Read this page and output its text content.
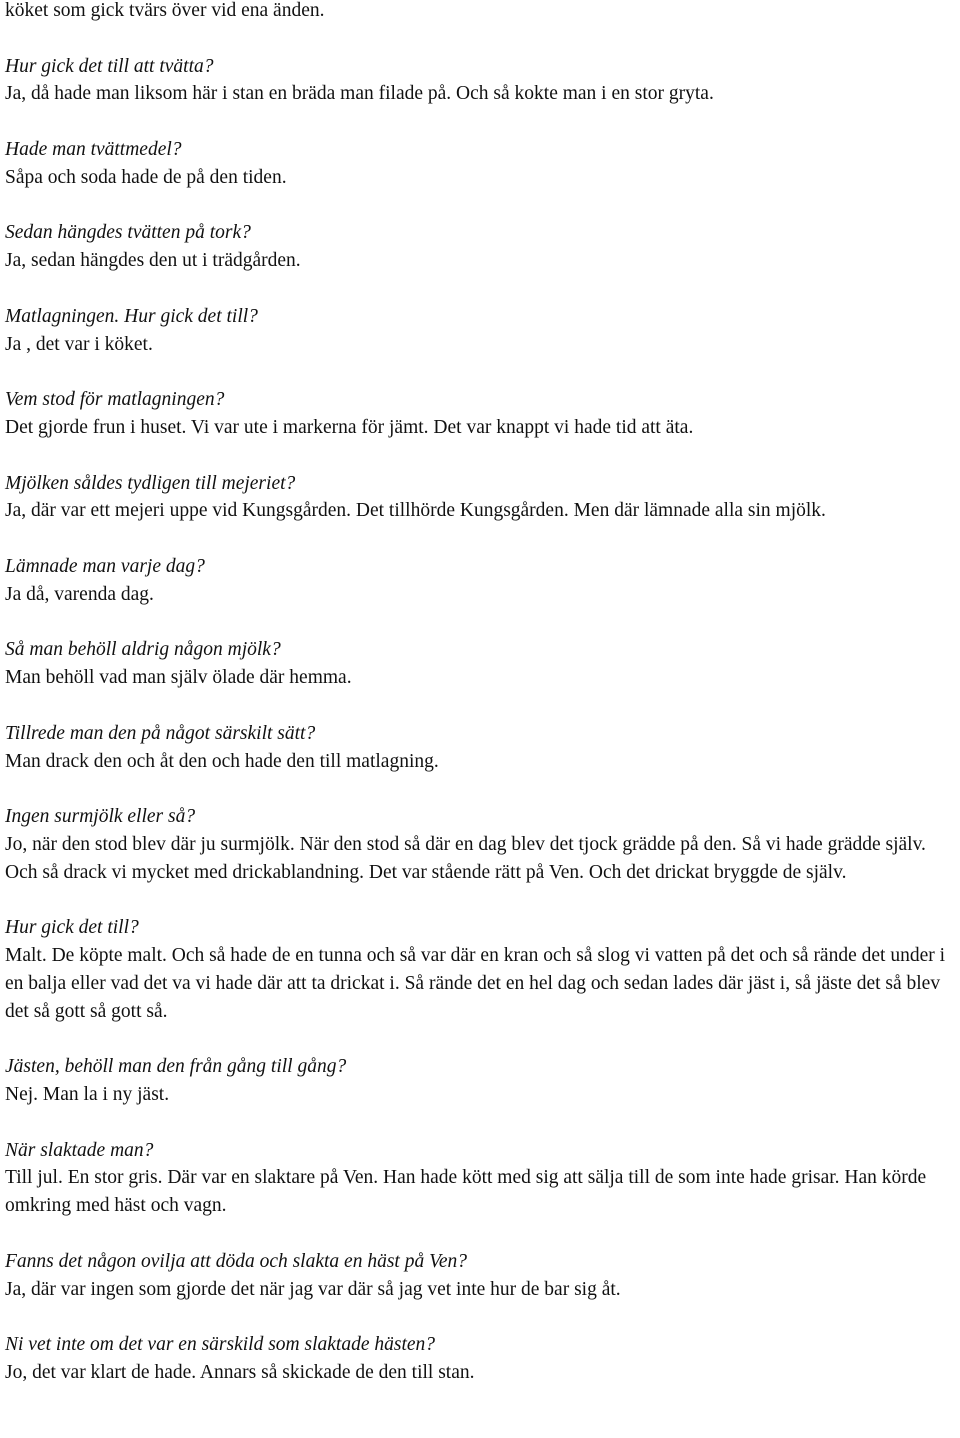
köket som gick tvärs över vid ena änden.

Hur gick det till att tvätta?
Ja, då hade man liksom här i stan en bräda man filade på. Och så kokte man i en stor gryta.
Hade man tvättmedel?
Såpa och soda hade de på den tiden.
Sedan hängdes tvätten på tork?
Ja, sedan hängdes den ut i trädgården.
Matlagningen. Hur gick det till?
Ja , det var i köket.
Vem stod för matlagningen?
Det gjorde frun i huset. Vi var ute i markerna för jämt. Det var knappt vi hade tid att äta.
Mjölken såldes tydligen till mejeriet?
Ja, där var ett mejeri uppe vid Kungsgården. Det tillhörde Kungsgården. Men där lämnade alla sin mjölk.
Lämnade man varje dag?
Ja då, varenda dag.
Så man behöll aldrig någon mjölk?
Man behöll vad man själv ölade där hemma.
Tillrede man den på något särskilt sätt?
Man drack den och åt den och hade den till matlagning.
Ingen surmjölk eller så?
Jo, när den stod blev där ju surmjölk. När den stod så där en dag blev det tjock grädde på den. Så vi hade grädde själv. Och så drack vi mycket med drickablandning. Det var stående rätt på Ven. Och det drickat bryggde de själv.
Hur gick det till?
Malt. De köpte malt. Och så hade de en tunna och så var där en kran och så slog vi vatten på det och så rände det under i en balja eller vad det va vi hade där att ta drickat i. Så rände det en hel dag och sedan lades där jäst i, så jäste det så blev det så gott så gott så.
Jästen, behöll man den från gång till gång?
Nej. Man la i ny jäst.
När slaktade man?
Till jul. En stor gris. Där var en slaktare på Ven. Han hade kött med sig att sälja till de som inte hade grisar. Han körde omkring med häst och vagn.
Fanns det någon ovilja att döda och slakta en häst på Ven?
Ja, där var ingen som gjorde det när jag var där så jag vet inte hur de bar sig åt.
Ni vet inte om det var en särskild som slaktade hästen?
Jo, det var klart de hade. Annars så skickade de den till stan.
